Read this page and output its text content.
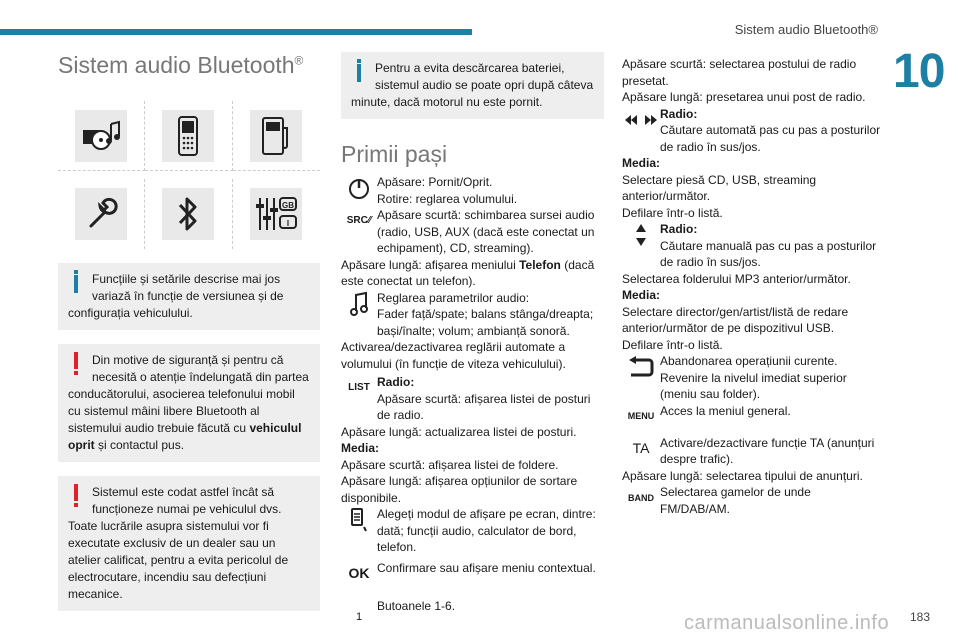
Sistem audio Bluetooth®
10
Sistem audio Bluetooth®
GB
I
Funcțiile și setările descrise mai jos variază în funcție de versiunea și de configurația vehiculului.
Din motive de siguranță și pentru că necesită o atenție îndelungată din partea conducătorului, asocierea telefonului mobil cu sistemul mâini libere Bluetooth al sistemului audio trebuie făcută cu vehiculul oprit și contactul pus.
Sistemul este codat astfel încât să funcționeze numai pe vehiculul dvs. Toate lucrările asupra sistemului vor fi executate exclusiv de un dealer sau un atelier calificat, pentru a evita pericolul de electrocutare, incendiu sau defecțiuni mecanice.
Pentru a evita descărcarea bateriei, sistemul audio se poate opri după câteva minute, dacă motorul nu este pornit.
Primii pași
Apăsare: Pornit/Oprit.
Rotire: reglarea volumului.
SRC ⁄⁄ Apăsare scurtă: schimbarea sursei audio (radio, USB, AUX (dacă este conectat un echipament), CD, streaming).
Apăsare lungă: afișarea meniului Telefon (dacă este conectat un telefon).
Reglarea parametrilor audio:
Fader față/spate; balans stânga/dreapta; bași/înalte; volum; ambianță sonoră.
Activarea/dezactivarea reglării automate a volumului (în funcție de viteza vehiculului).
LIST Radio:
Apăsare scurtă: afișarea listei de posturi de radio.
Apăsare lungă: actualizarea listei de posturi.
Media:
Apăsare scurtă: afișarea listei de foldere.
Apăsare lungă: afișarea opțiunilor de sortare disponibile.
Alegeți modul de afișare pe ecran, dintre: dată; funcții audio, calculator de bord, telefon.
OK Confirmare sau afișare meniu contextual.
1
Butoanele 1-6.
Apăsare scurtă: selectarea postului de radio presetat.
Apăsare lungă: presetarea unui post de radio.
Radio:
Căutare automată pas cu pas a posturilor de radio în sus/jos.
Media:
Selectare piesă CD, USB, streaming anterior/următor.
Defilare într-o listă.
Radio:
Căutare manuală pas cu pas a posturilor de radio în sus/jos.
Selectarea folderului MP3 anterior/următor.
Media:
Selectare director/gen/artist/listă de redare anterior/următor de pe dispozitivul USB.
Defilare într-o listă.
Abandonarea operațiunii curente.
Revenire la nivelul imediat superior (meniu sau folder).
MENU Acces la meniul general.
TA Activare/dezactivare funcție TA (anunțuri despre trafic).
Apăsare lungă: selectarea tipului de anunțuri.
BAND Selectarea gamelor de unde FM/DAB/AM.
carmanualsonline.info 183
